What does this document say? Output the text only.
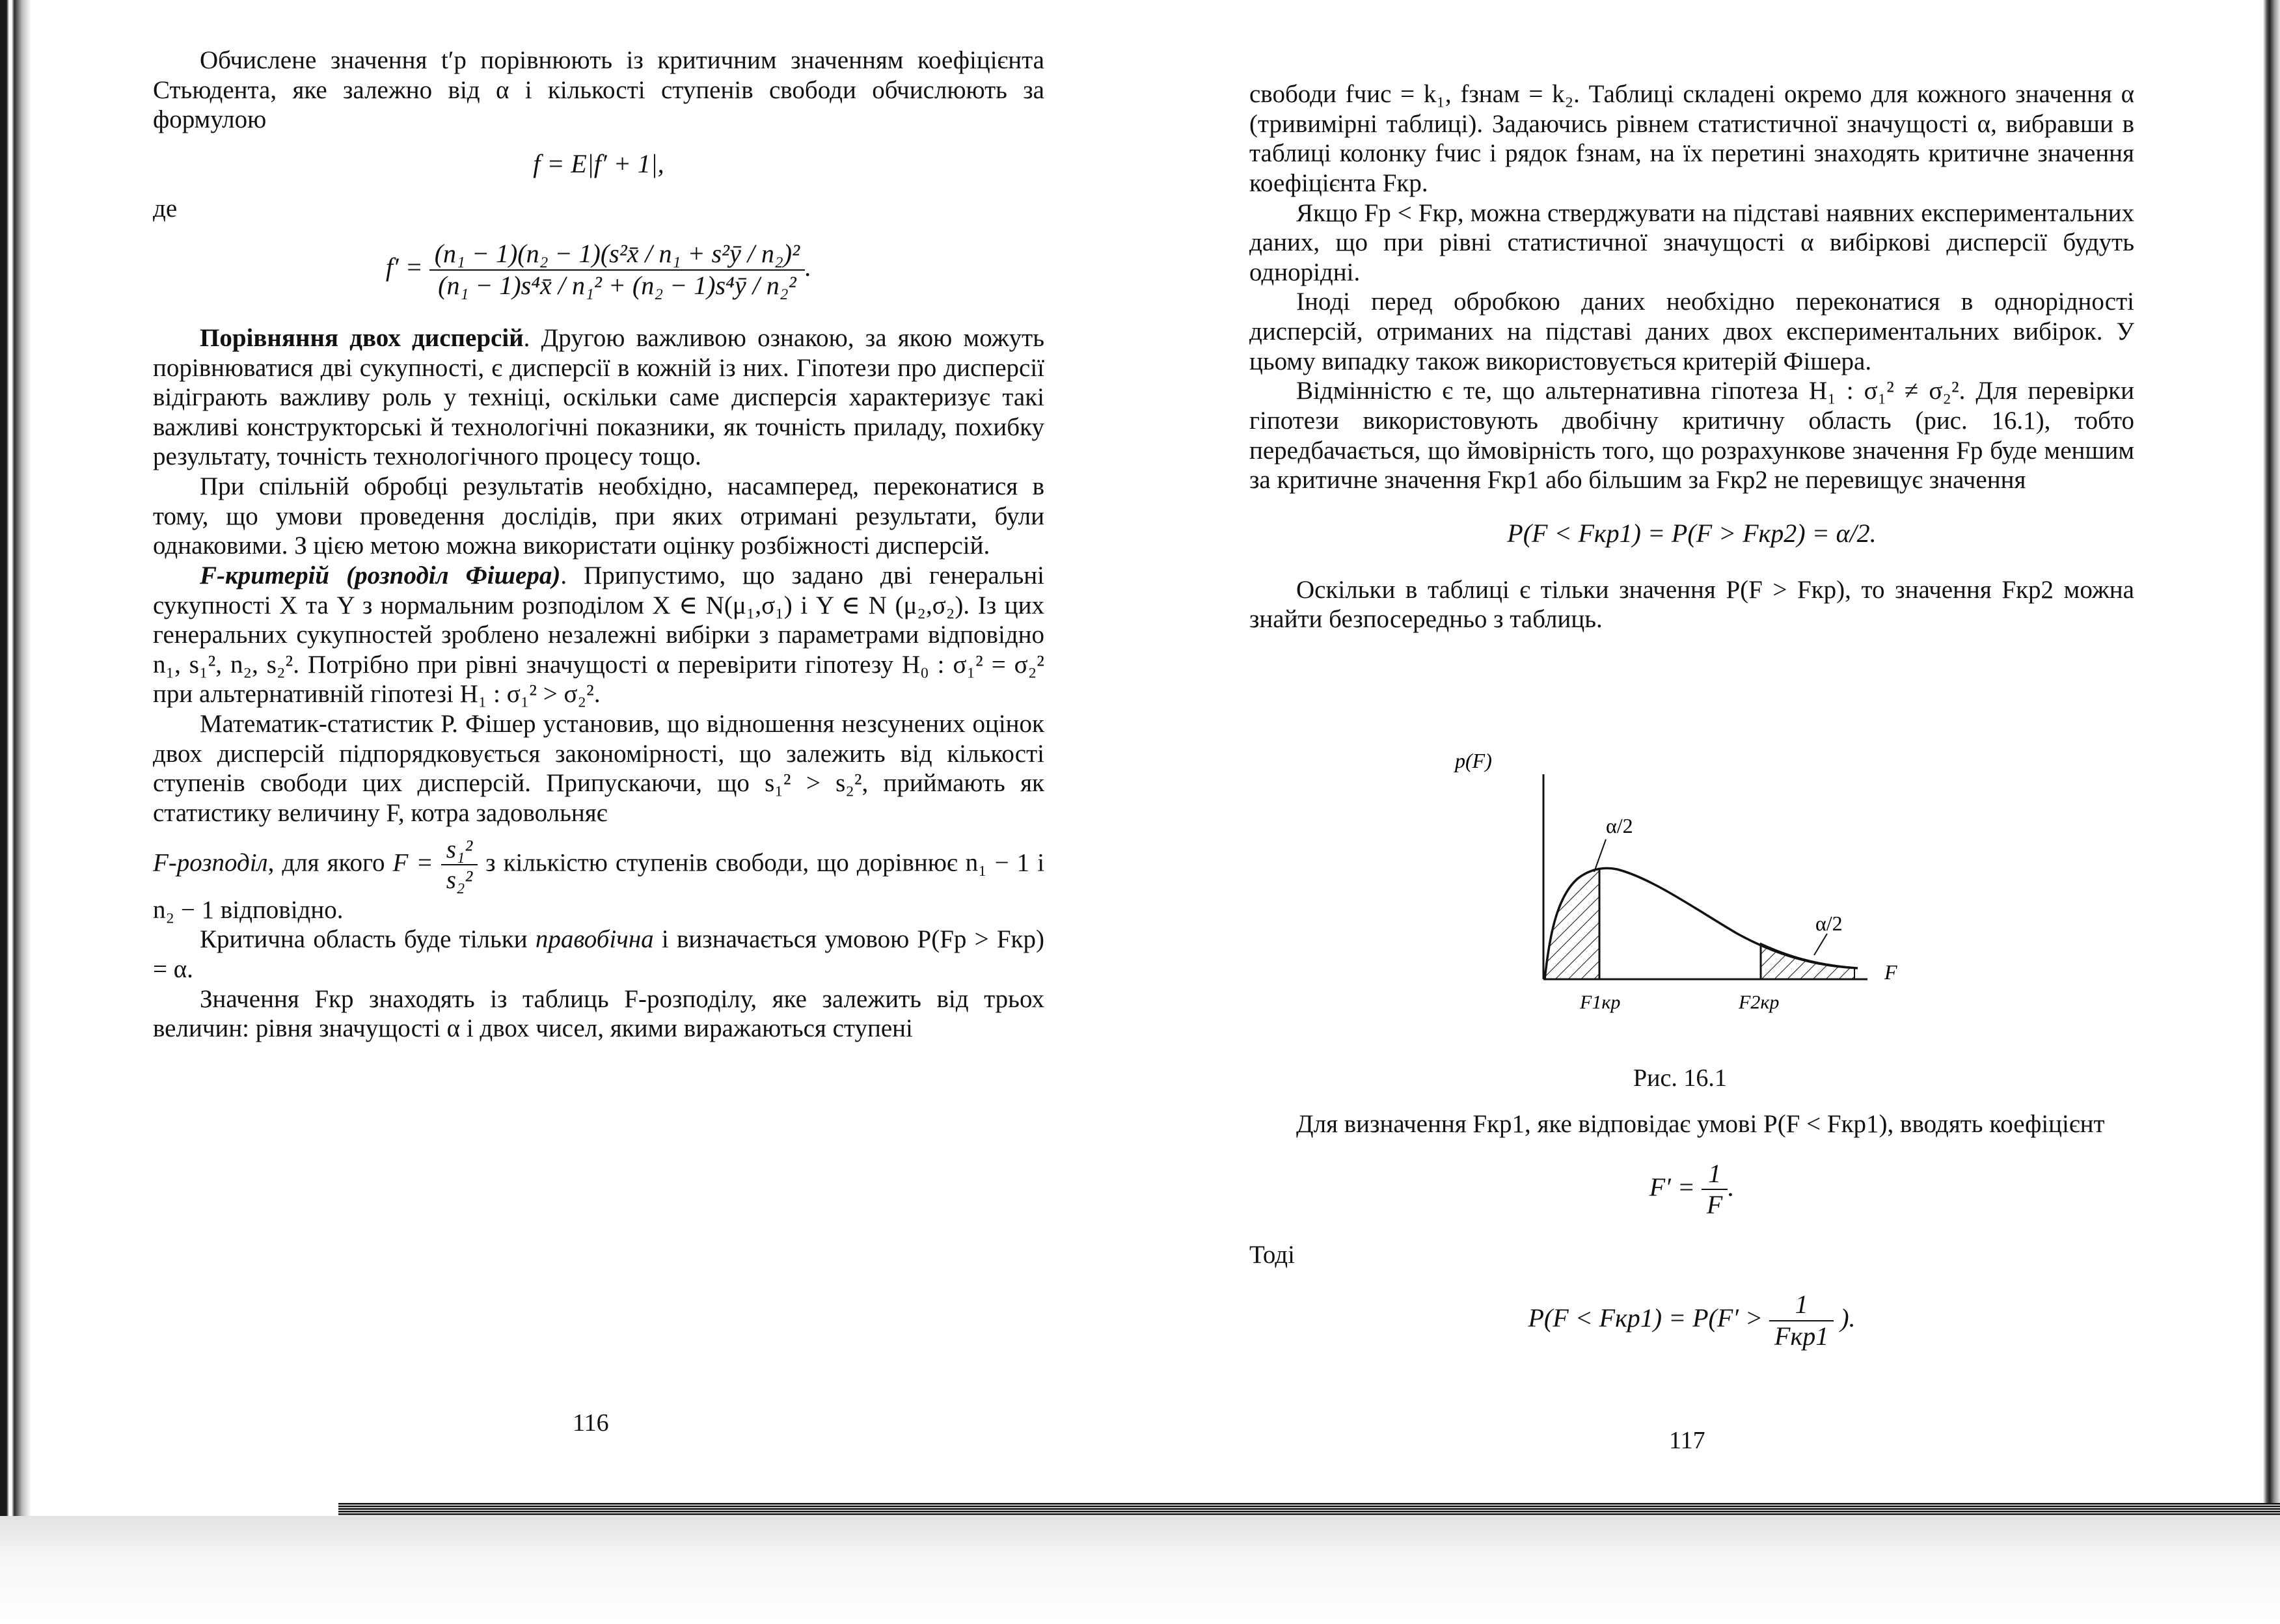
Обчислене значення t′р порівнюють із критичним значенням коефіцієнта Стьюдента, яке залежно від α і кількості ступенів свободи обчислюють за формулою

f = E|f′ + 1|,

де

$f' = \frac{\text{(n₁ − 1)(n₂ − 1)(s²x̄ / n₁ + s²ȳ / n₂)²}}{\text{(n₁ − 1)s⁴x̄ / n₁² + (n₂ − 1)s⁴ȳ / n₂²}}$ .

Порівняння двох дисперсій. Другою важливою ознакою, за якою можуть порівнюватися дві сукупності, є дисперсії в кожній із них. Гіпотези про дисперсії відіграють важливу роль у техніці, оскільки саме дисперсія характеризує такі важливі конструкторські й технологічні показники, як точність приладу, похибку результату, точність технологічного процесу тощо.

При спільній обробці результатів необхідно, насамперед, переконатися в тому, що умови проведення дослідів, при яких отримані результати, були однаковими. З цією метою можна використати оцінку розбіжності дисперсій.

F-критерій (розподіл Фішера). Припустимо, що задано дві генеральні сукупності X та Y з нормальним розподілом X ∈ N(μ₁,σ₁) і Y ∈ N (μ₂,σ₂). Із цих генеральних сукупностей зроблено незалежні вибірки з параметрами відповідно n₁, s₁², n₂, s₂². Потрібно при рівні значущості α перевірити гіпотезу H₀ : σ₁² = σ₂² при альтернативній гіпотезі H₁ : σ₁² > σ₂².

Математик-статистик Р. Фішер установив, що відношення незсунених оцінок двох дисперсій підпорядковується закономірності, що залежить від кількості ступенів свободи цих дисперсій. Припускаючи, що s₁² > s₂², приймають як статистику величину F, котра задовольняє

F-розподіл, для якого $F = \frac{\text{s₁²}}{\text{s₂²}}$ з кількістю ступенів свободи, що дорівнює n₁ − 1 і n₂ − 1 відповідно.

Критична область буде тільки правобічна і визначається умовою P(Fр > Fкр) = α.

Значення Fкр знаходять із таблиць F-розподілу, яке залежить від трьох величин: рівня значущості α і двох чисел, якими виражаються ступені

116

свободи fчис = k₁, fзнам = k₂. Таблиці складені окремо для кожного значення α (тривимірні таблиці). Задаючись рівнем статистичної значущості α, вибравши в таблиці колонку fчис і рядок fзнам, на їх перетині знаходять критичне значення коефіцієнта Fкр.

Якщо Fр < Fкр, можна стверджувати на підставі наявних експериментальних даних, що при рівні статистичної значущості α вибіркові дисперсії будуть однорідні.

Іноді перед обробкою даних необхідно переконатися в однорідності дисперсій, отриманих на підставі даних двох експериментальних вибірок. У цьому випадку також використовується критерій Фішера.

Відмінністю є те, що альтернативна гіпотеза H₁ : σ₁² ≠ σ₂². Для перевірки гіпотези використовують двобічну критичну область (рис. 16.1), тобто передбачається, що ймовірність того, що розрахункове значення Fр буде меншим за критичне значення Fкр1 або більшим за Fкр2 не перевищує значення

P(F < Fкр1) = P(F > Fкр2) = α/2.

Оскільки в таблиці є тільки значення P(F > Fкр), то значення Fкр2 можна знайти безпосередньо з таблиць.

p(F)
F
α/2
α/2
F1кр	F2кр
Рис. 16.1

Для визначення Fкр1, яке відповідає умові P(F < Fкр1), вводять коефіцієнт

$F' = \frac{1}{F}$ .

Тоді

$P(F < Fкр1) = P(F' > \frac{1}{\text{Fкр1}}$ ).
117
